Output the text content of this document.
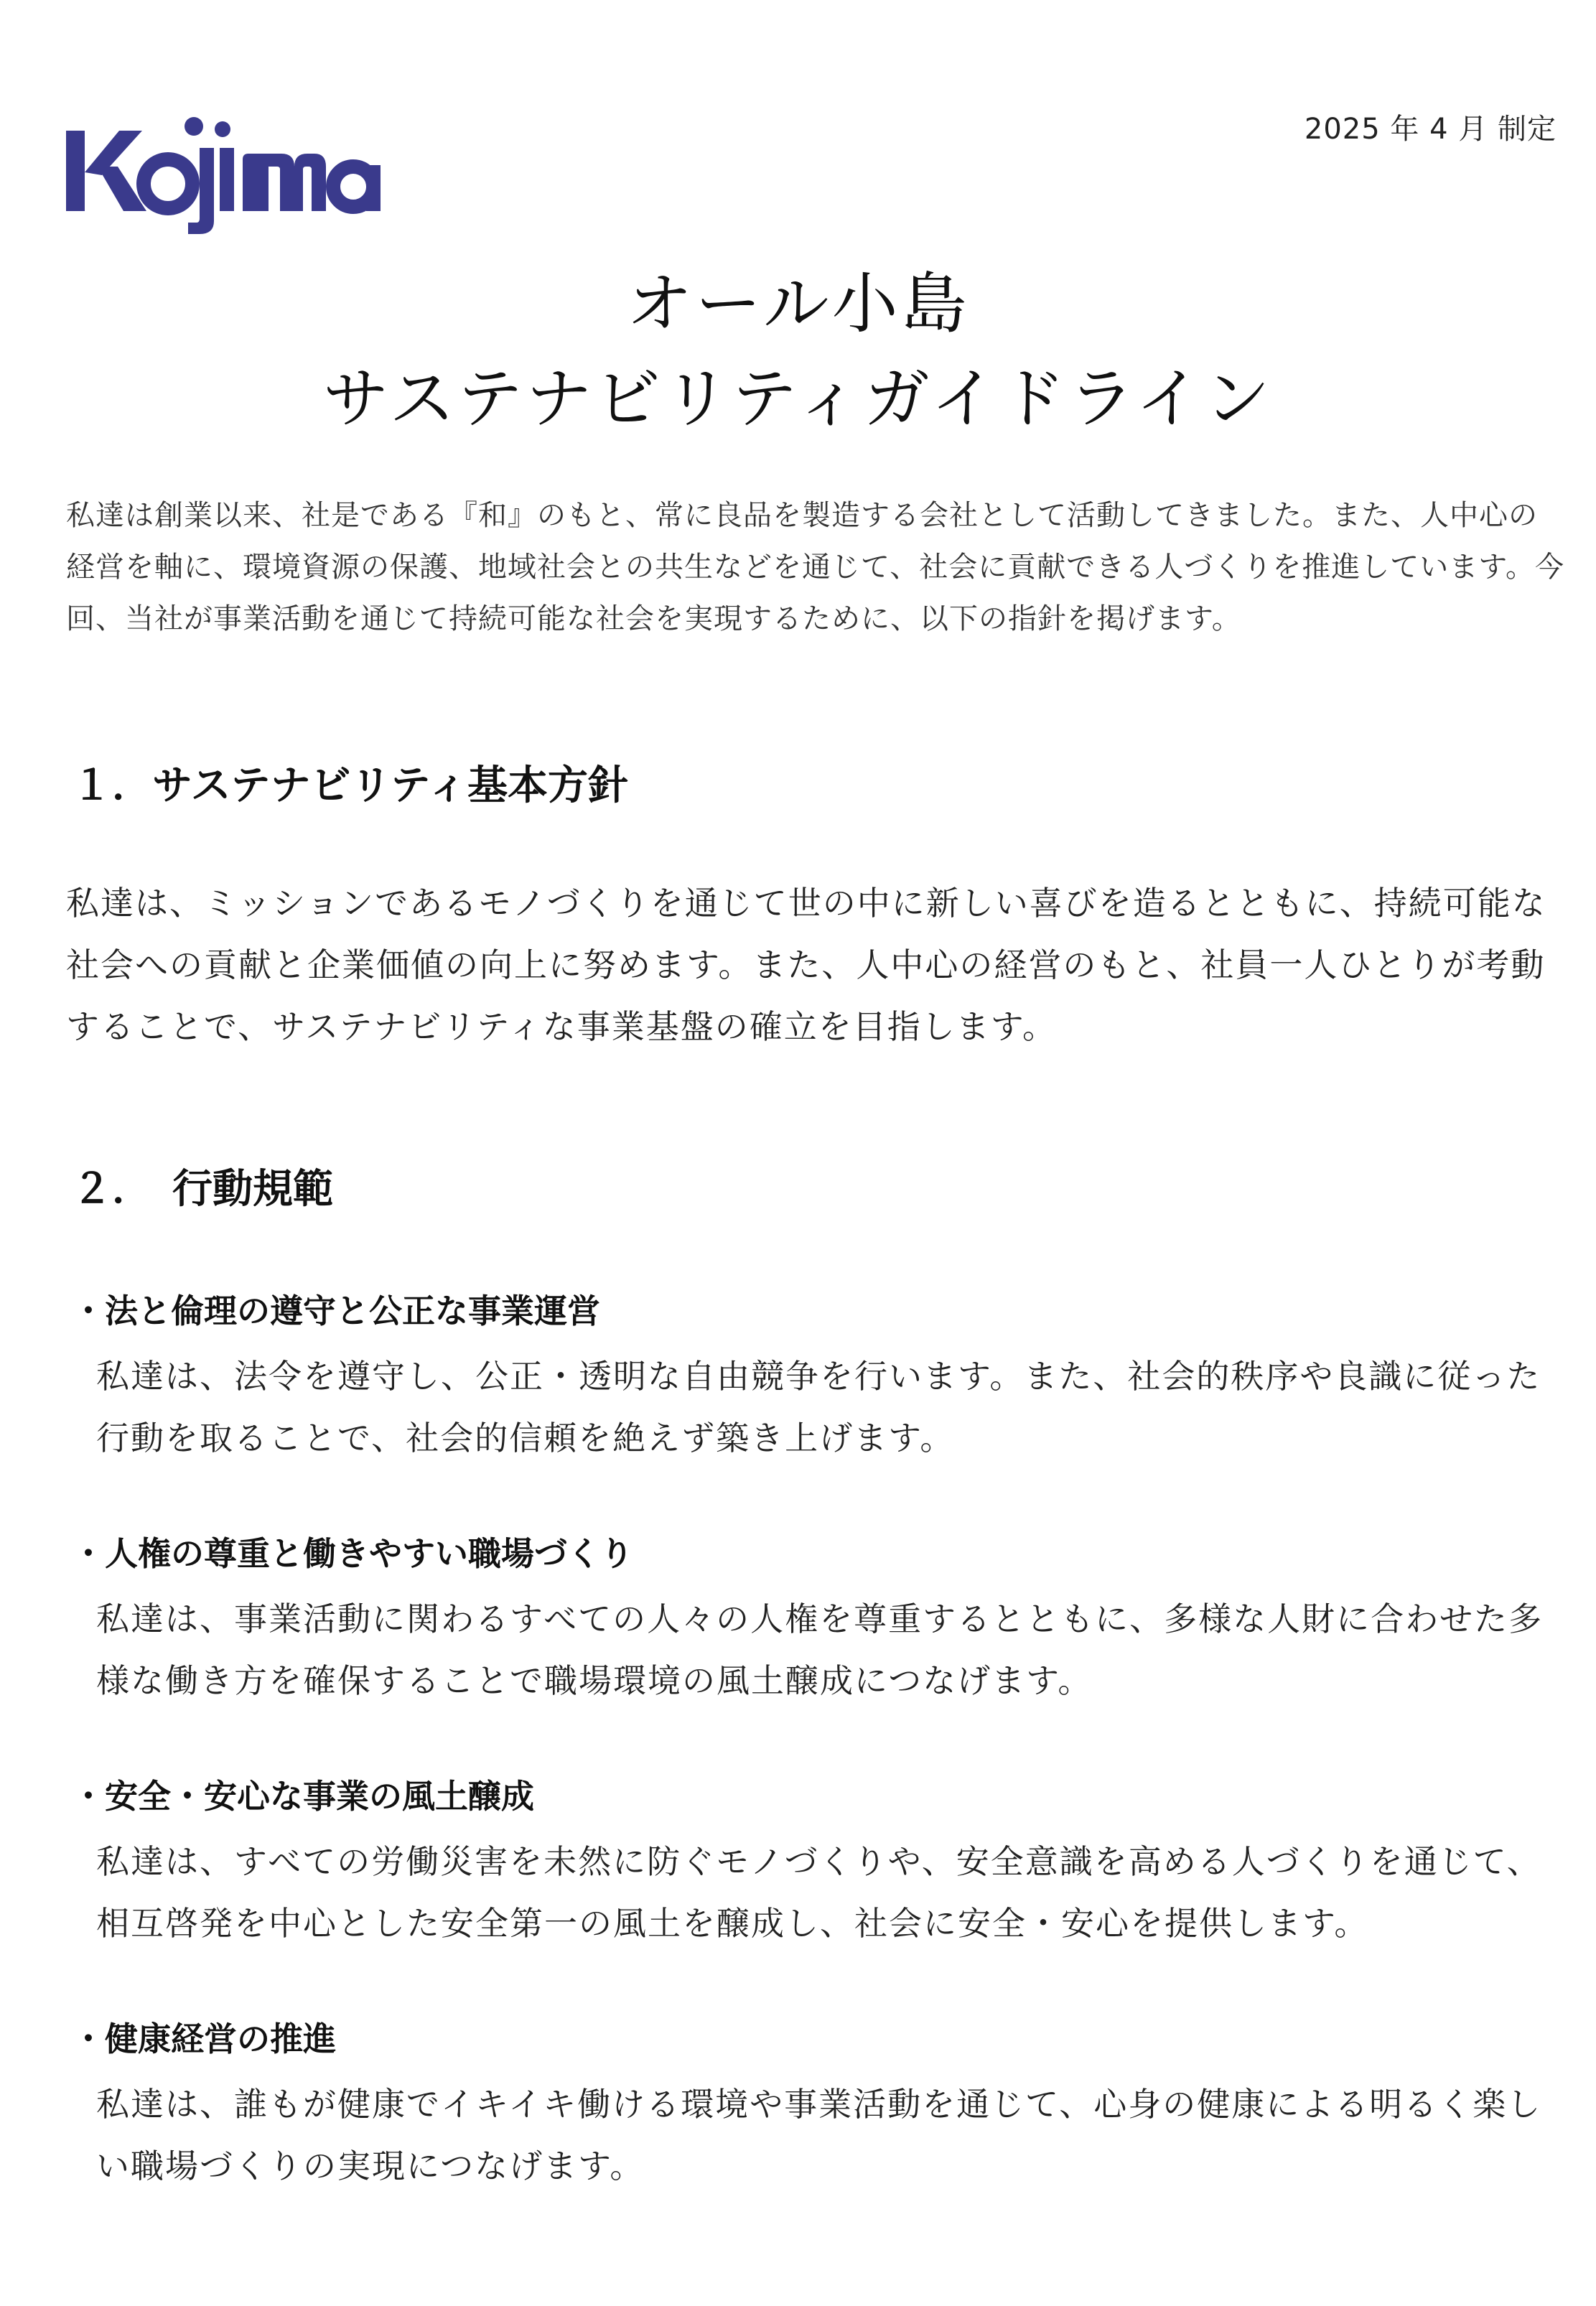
2025 年 4 月 制定
オール小島
サステナビリティガイドライン
私達は創業以来、社是である『和』のもと、常に良品を製造する会社として活動してきました。また、人中心の経営を軸に、環境資源の保護、地域社会との共生などを通じて、社会に貢献できる人づくりを推進しています。今回、当社が事業活動を通じて持続可能な社会を実現するために、以下の指針を掲げます。
１．サステナビリティ基本方針
私達は、ミッションであるモノづくりを通じて世の中に新しい喜びを造るとともに、持続可能な社会への貢献と企業価値の向上に努めます。また、人中心の経営のもと、社員一人ひとりが考動することで、サステナビリティな事業基盤の確立を目指します。
２． 行動規範
・法と倫理の遵守と公正な事業運営
私達は、法令を遵守し、公正・透明な自由競争を行います。また、社会的秩序や良識に従った行動を取ることで、社会的信頼を絶えず築き上げます。
・人権の尊重と働きやすい職場づくり
私達は、事業活動に関わるすべての人々の人権を尊重するとともに、多様な人財に合わせた多様な働き方を確保することで職場環境の風土醸成につなげます。
・安全・安心な事業の風土醸成
私達は、すべての労働災害を未然に防ぐモノづくりや、安全意識を高める人づくりを通じて、相互啓発を中心とした安全第一の風土を醸成し、社会に安全・安心を提供します。
・健康経営の推進
私達は、誰もが健康でイキイキ働ける環境や事業活動を通じて、心身の健康による明るく楽しい職場づくりの実現につなげます。
